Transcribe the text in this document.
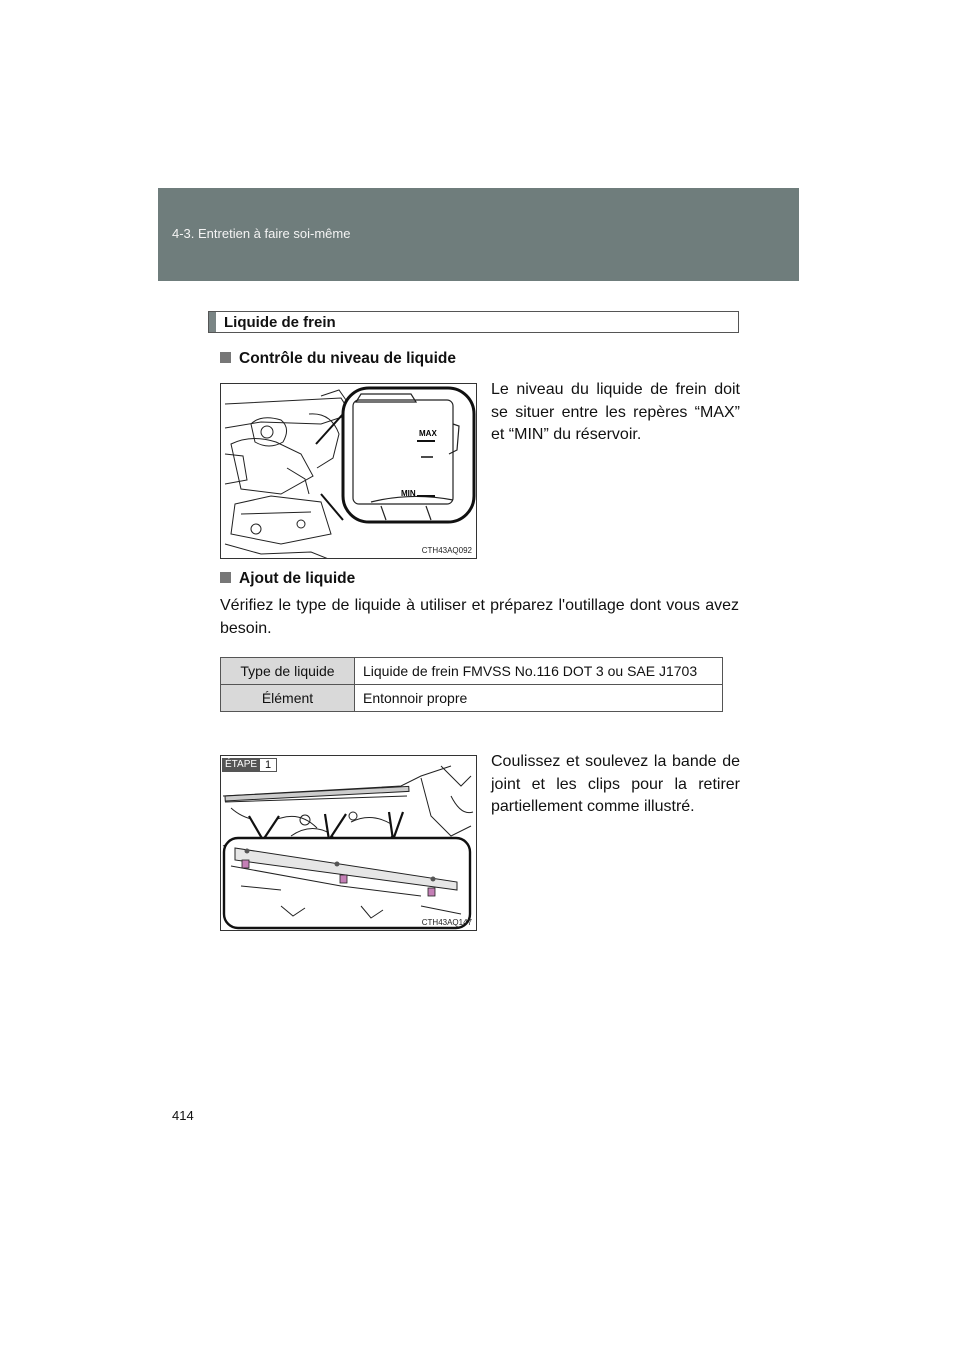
4-3. Entretien à faire soi-même
Liquide de frein
Contrôle du niveau de liquide
MAX
MIN
CTH43AQ092
Le niveau du liquide de frein doit se situer entre les repères “MAX” et “MIN” du réservoir.
Ajout de liquide
Vérifiez le type de liquide à utiliser et préparez l'outillage dont vous avez besoin.
Type de liquide	Liquide de frein FMVSS No.116 DOT 3 ou SAE J1703
Élément	Entonnoir propre
CTH43AQ147
ÉTAPE 1	Coulissez et soulevez la bande de joint et les clips pour la retirer partiellement comme illustré.
414
